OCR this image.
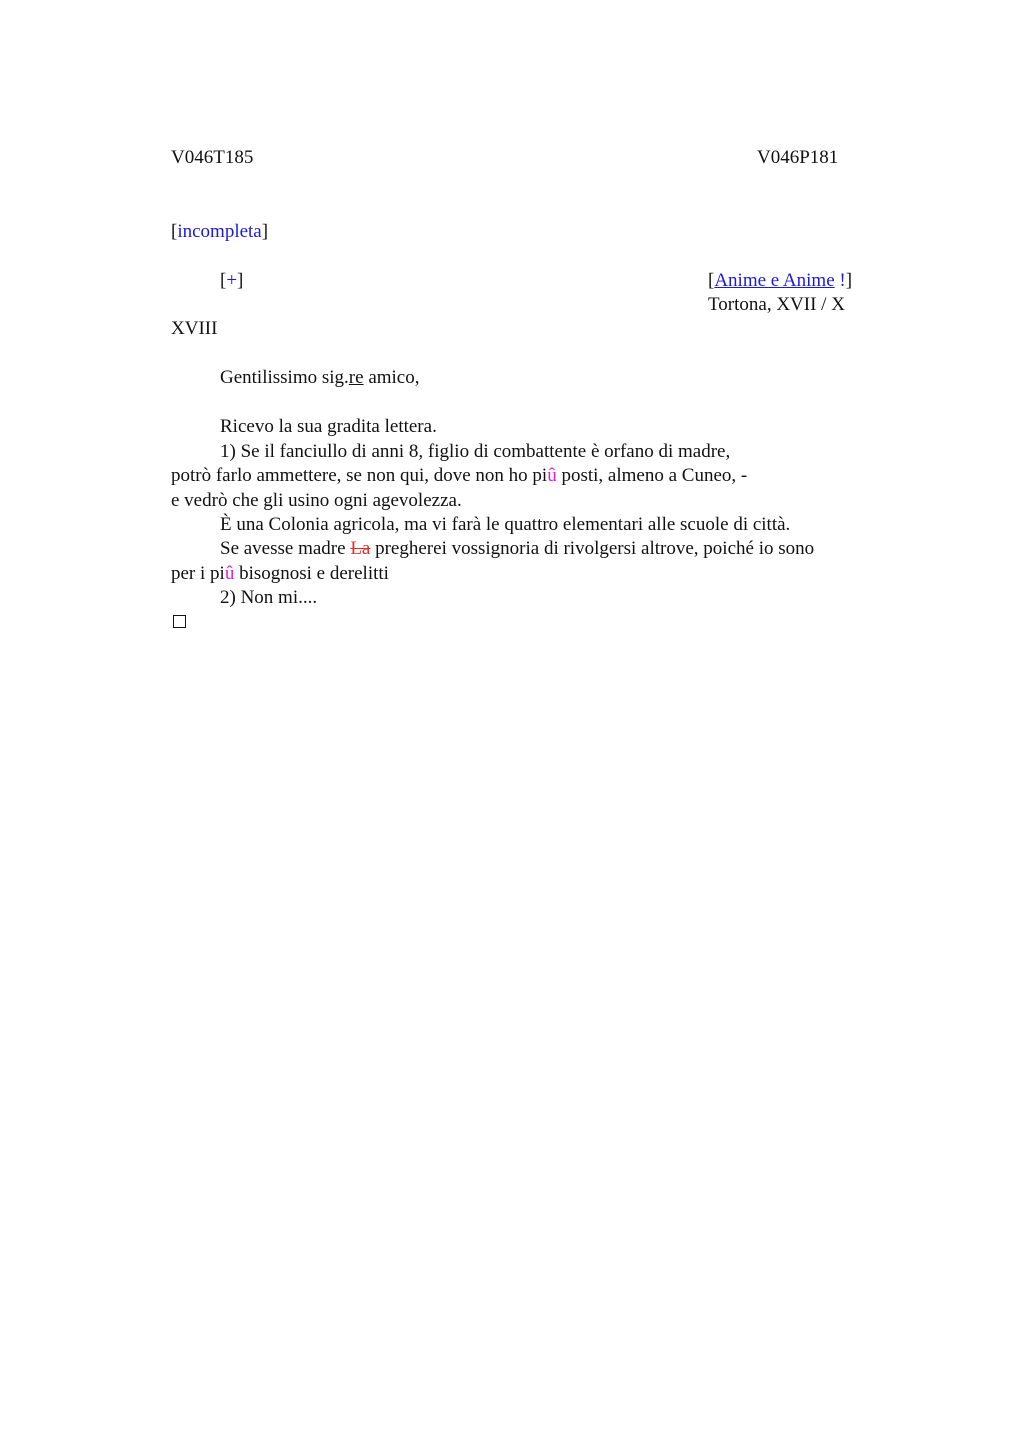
V046T185	V046P181
[incompleta]
[+]	[Anime e Anime !]
Tortona, XVII / X
XVIII
Gentilissimo sig.re amico,
Ricevo la sua gradita lettera.
1) Se il fanciullo di anni 8, figlio di combattente è orfano di madre,
potrò farlo ammettere, se non qui, dove non ho piû posti, almeno a Cuneo, -
e vedrò che gli usino ogni agevolezza.
È una Colonia agricola, ma vi farà le quattro elementari alle scuole di città.
Se avesse madre La pregherei vossignoria di rivolgersi altrove, poiché io sono
per i piû bisognosi e derelitti
2) Non mi....
